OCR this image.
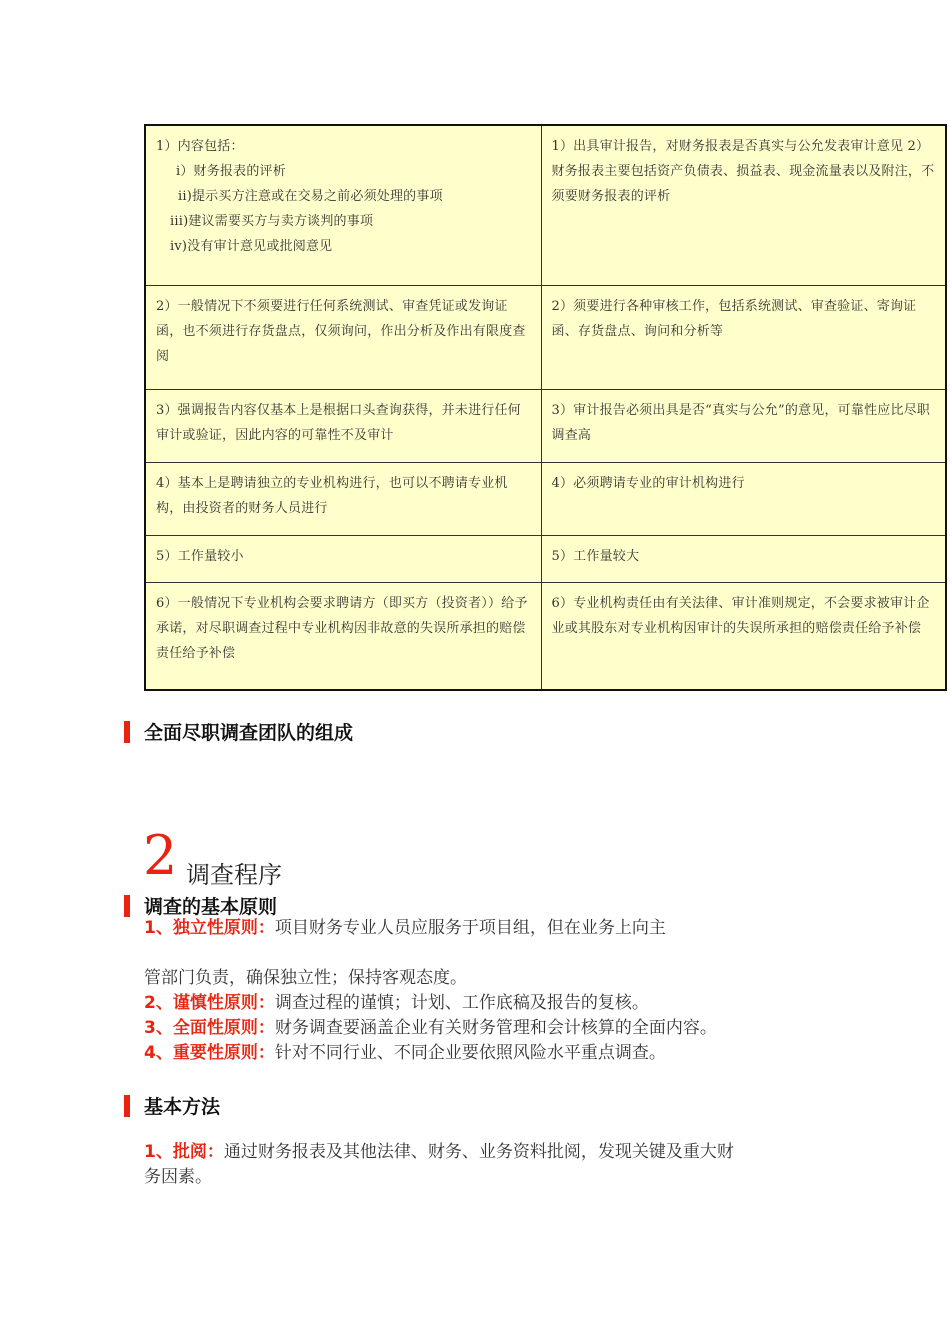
1）内容包括：
i）财务报表的评析
ii)提示买方注意或在交易之前必须处理的事项
iii)建议需要买方与卖方谈判的事项
iv)没有审计意见或批阅意见	1）出具审计报告，对财务报表是否真实与公允发表审计意见 2）财务报表主要包括资产负债表、损益表、现金流量表以及附注，不须要财务报表的评析
2）一般情况下不须要进行任何系统测试、审查凭证或发询证函，也不须进行存货盘点，仅须询问，作出分析及作出有限度查阅	2）须要进行各种审核工作，包括系统测试、审查验证、寄询证函、存货盘点、询问和分析等
3）强调报告内容仅基本上是根据口头查询获得，并未进行任何审计或验证，因此内容的可靠性不及审计	3）审计报告必须出具是否“真实与公允”的意见，可靠性应比尽职调查高
4）基本上是聘请独立的专业机构进行，也可以不聘请专业机构，由投资者的财务人员进行	4）必须聘请专业的审计机构进行
5）工作量较小	5）工作量较大
6）一般情况下专业机构会要求聘请方（即买方（投资者））给予承诺，对尽职调查过程中专业机构因非故意的失误所承担的赔偿责任给予补偿	6）专业机构责任由有关法律、审计准则规定，不会要求被审计企业或其股东对专业机构因审计的失误所承担的赔偿责任给予补偿
全面尽职调查团队的组成
2 调查程序
调查的基本原则
1、独立性原则：项目财务专业人员应服务于项目组，但在业务上向主
管部门负责，确保独立性；保持客观态度。
2、谨慎性原则：调查过程的谨慎；计划、工作底稿及报告的复核。
3、全面性原则：财务调查要涵盖企业有关财务管理和会计核算的全面内容。
4、重要性原则：针对不同行业、不同企业要依照风险水平重点调查。
基本方法
1、批阅：通过财务报表及其他法律、财务、业务资料批阅，发现关键及重大财
务因素。
